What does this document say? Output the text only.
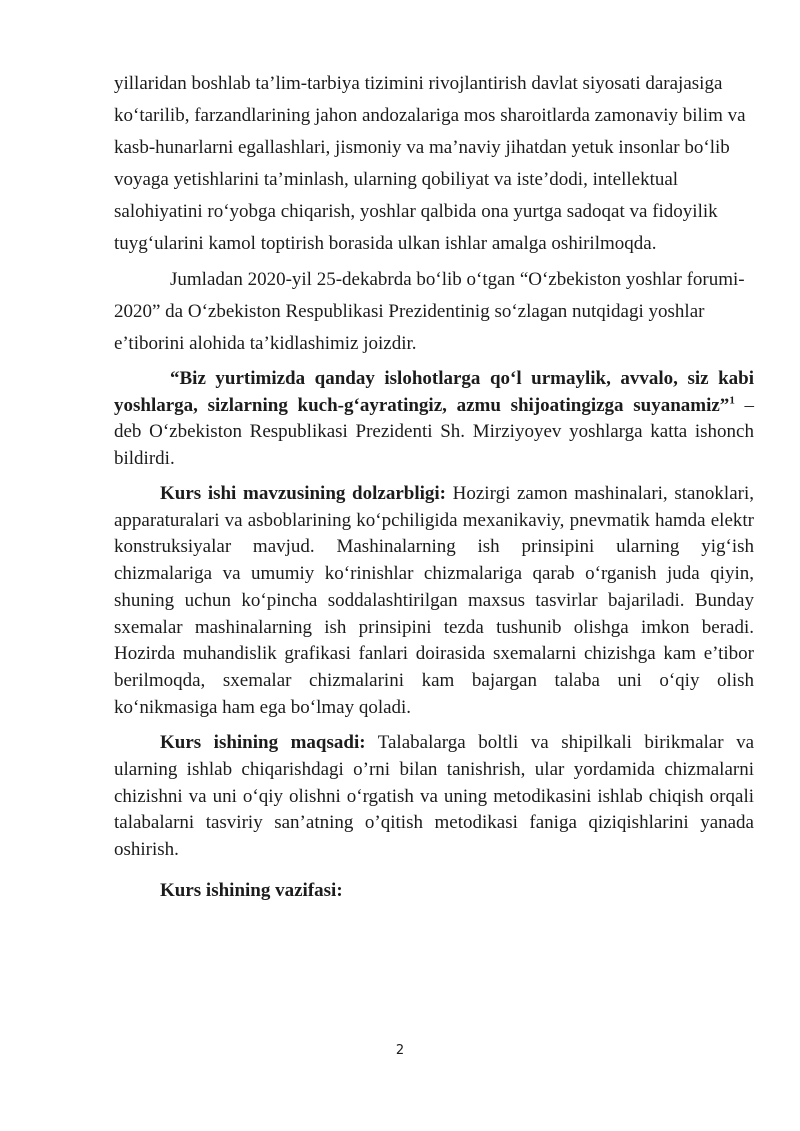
yillaridan boshlab ta’lim-tarbiya tizimini rivojlantirish davlat siyosati darajasiga ko‘tarilib, farzandlarining jahon andozalariga mos sharoitlarda zamonaviy bilim va kasb-hunarlarni egallashlari, jismoniy va ma’naviy jihatdan yetuk insonlar bo‘lib voyaga yetishlarini ta’minlash, ularning qobiliyat va iste’dodi, intellektual salohiyatini ro‘yobga chiqarish, yoshlar qalbida ona yurtga sadoqat va fidoyilik tuyg‘ularini kamol toptirish borasida ulkan ishlar amalga oshirilmoqda.

Jumladan 2020-yil 25-dekabrda bo‘lib o‘tgan “O‘zbekiston yoshlar forumi-2020” da O‘zbekiston Respublikasi Prezidentinig so‘zlagan nutqidagi yoshlar e’tiborini alohida ta’kidlashimiz joizdir.

“Biz yurtimizda qanday islohotlarga qo‘l urmaylik, avvalo, siz kabi yoshlarga, sizlarning kuch-g‘ayratingiz, azmu shijoatingizga suyanamiz”$^1$ – deb O‘zbekiston Respublikasi Prezidenti Sh. Mirziyoyev yoshlarga katta ishonch bildirdi.

Kurs ishi mavzusining dolzarbligi: Hozirgi zamon mashinalari, stanoklari, apparaturalari va asboblarining ko‘pchiligida mexanikaviy, pnevmatik hamda elektr konstruksiyalar mavjud. Mashinalarning ish prinsipini ularning yig‘ish chizmalariga va umumiy ko‘rinishlar chizmalariga qarab o‘rganish juda qiyin, shuning uchun ko‘pincha soddalashtirilgan maxsus tasvirlar bajariladi. Bunday sxemalar mashinalarning ish prinsipini tezda tushunib olishga imkon beradi. Hozirda muhandislik grafikasi fanlari doirasida sxemalarni chizishga kam e’tibor berilmoqda, sxemalar chizmalarini kam bajargan talaba uni o‘qiy olish ko‘nikmasiga ham ega bo‘lmay qoladi.

Kurs ishining maqsadi: Talabalarga boltli va shipilkali birikmalar va ularning ishlab chiqarishdagi o’rni bilan tanishrish, ular yordamida chizmalarni chizishni va uni o‘qiy olishni o‘rgatish va uning metodikasini ishlab chiqish orqali talabalarni tasviriy san’atning o’qitish metodikasi faniga qiziqishlarini yanada oshirish.

Kurs ishining vazifasi:

2
